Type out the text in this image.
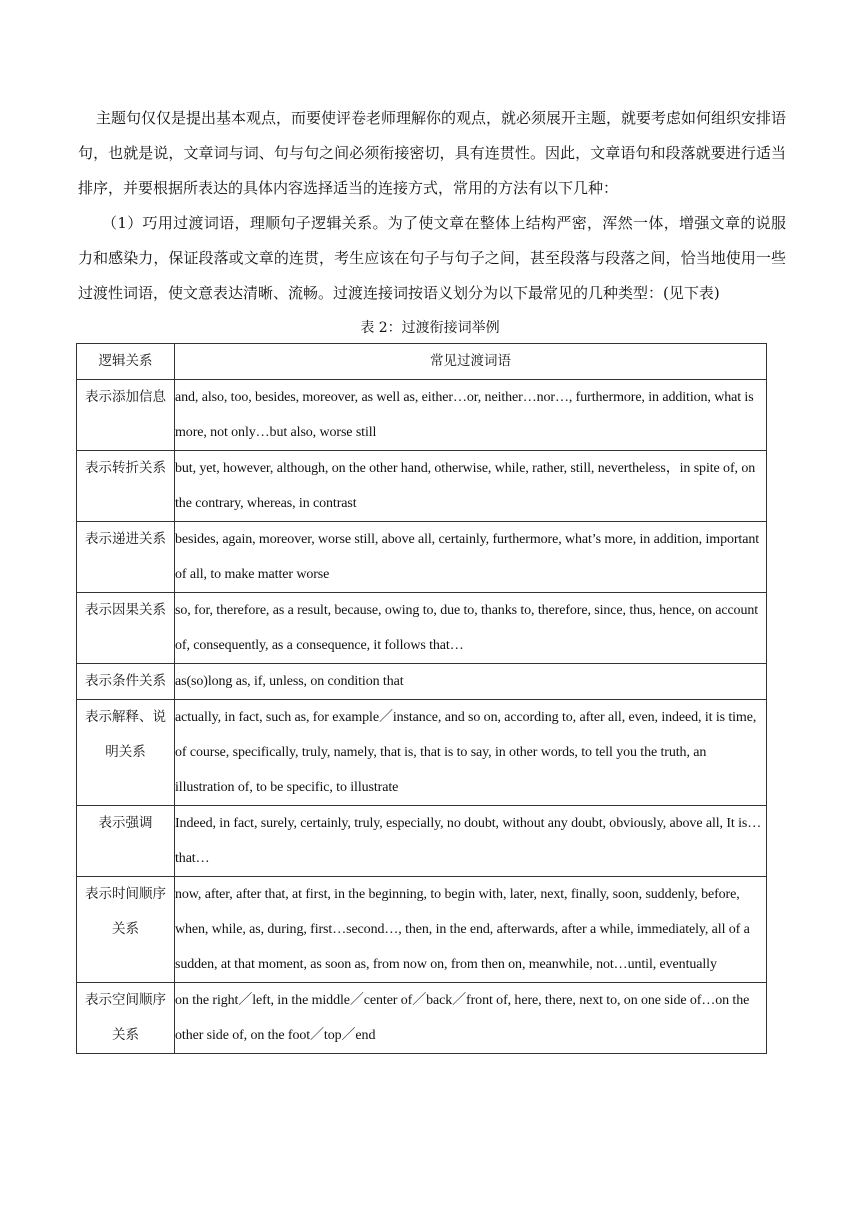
主题句仅仅是提出基本观点，而要使评卷老师理解你的观点，就必须展开主题，就要考虑如何组织安排语句，也就是说，文章词与词、句与句之间必须衔接密切，具有连贯性。因此，文章语句和段落就要进行适当排序，并要根据所表达的具体内容选择适当的连接方式，常用的方法有以下几种：

（1）巧用过渡词语，理顺句子逻辑关系。为了使文章在整体上结构严密，浑然一体，增强文章的说服力和感染力，保证段落或文章的连贯，考生应该在句子与句子之间，甚至段落与段落之间，恰当地使用一些过渡性词语，使文意表达清晰、流畅。过渡连接词按语义划分为以下最常见的几种类型：(见下表)

表 2：过渡衔接词举例
逻辑关系	常见过渡词语
表示添加信息	and, also, too, besides, moreover, as well as, either…or, neither…nor…, furthermore, in addition, what is more, not only…but also, worse still
表示转折关系	but, yet, however, although, on the other hand, otherwise, while, rather, still, nevertheless，in spite of, on the contrary, whereas, in contrast
表示递进关系	besides, again, moreover, worse still, above all, certainly, furthermore, what’s more, in addition, important of all, to make matter worse
表示因果关系	so, for, therefore, as a result, because, owing to, due to, thanks to, therefore, since, thus, hence, on account of, consequently, as a consequence, it follows that…
表示条件关系	as(so)long as, if, unless, on condition that
表示解释、说明关系	actually, in fact, such as, for example／instance, and so on, according to, after all, even, indeed, it is time, of course, specifically, truly, namely, that is, that is to say, in other words, to tell you the truth, an illustration of, to be specific, to illustrate
表示强调	Indeed, in fact, surely, certainly, truly, especially, no doubt, without any doubt, obviously, above all, It is…that…
表示时间顺序关系	now, after, after that, at first, in the beginning, to begin with, later, next, finally, soon, suddenly, before, when, while, as, during, first…second…, then, in the end, afterwards, after a while, immediately, all of a sudden, at that moment, as soon as, from now on, from then on, meanwhile, not…until, eventually
表示空间顺序关系	on the right／left, in the middle／center of／back／front of, here, there, next to, on one side of…on the other side of, on the foot／top／end
